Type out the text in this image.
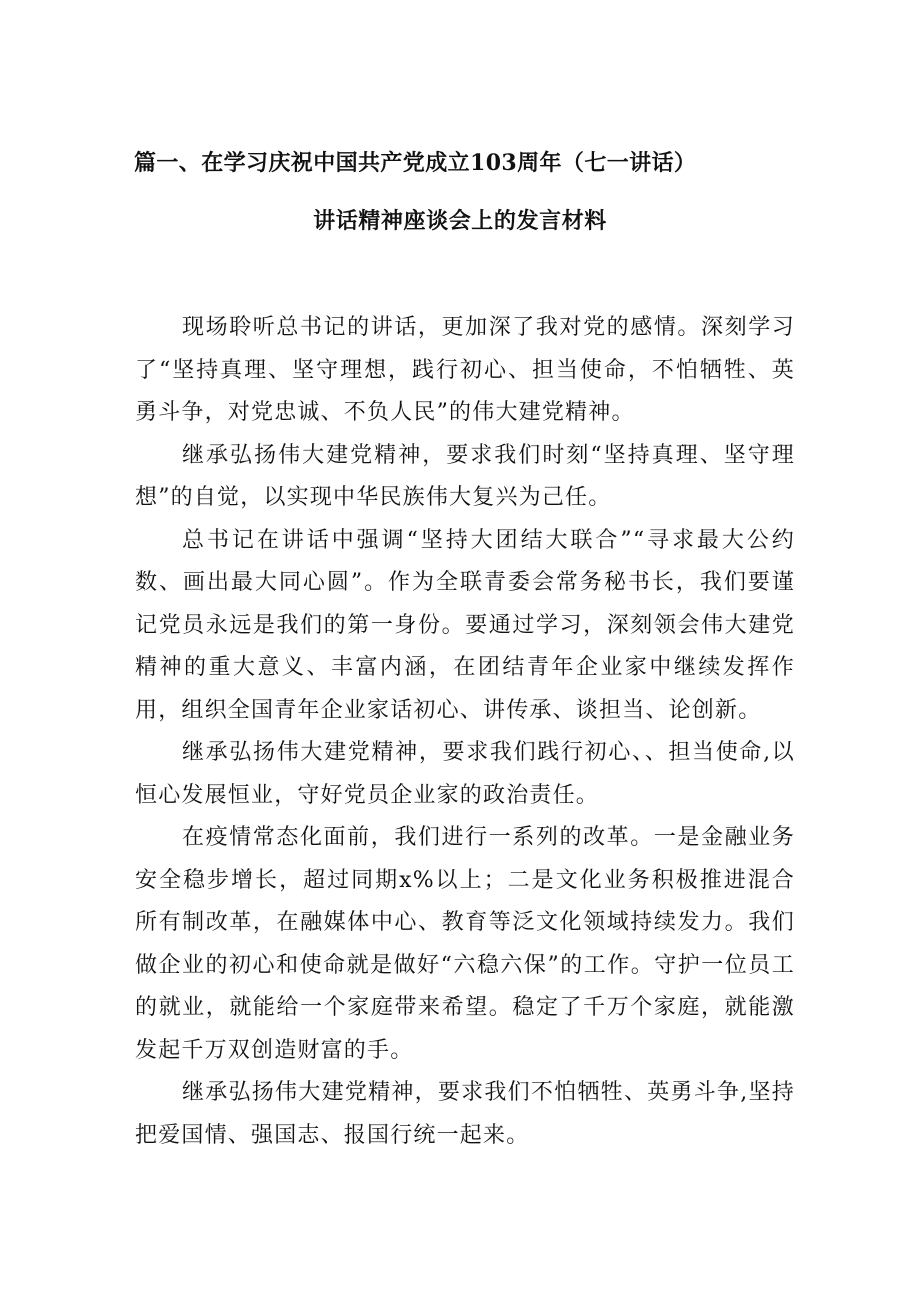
篇一、在学习庆祝中国共产党成立103周年（七一讲话）
讲话精神座谈会上的发言材料

现场聆听总书记的讲话，更加深了我对党的感情。深刻学习了“坚持真理、坚守理想，践行初心、担当使命，不怕牺牲、英勇斗争，对党忠诚、不负人民”的伟大建党精神。

继承弘扬伟大建党精神，要求我们时刻“坚持真理、坚守理想”的自觉，以实现中华民族伟大复兴为己任。

总书记在讲话中强调“坚持大团结大联合”“寻求最大公约数、画出最大同心圆”。作为全联青委会常务秘书长，我们要谨记党员永远是我们的第一身份。要通过学习，深刻领会伟大建党精神的重大意义、丰富内涵，在团结青年企业家中继续发挥作用，组织全国青年企业家话初心、讲传承、谈担当、论创新。

继承弘扬伟大建党精神，要求我们践行初心、、担当使命,以恒心发展恒业，守好党员企业家的政治责任。

在疫情常态化面前，我们进行一系列的改革。一是金融业务安全稳步增长，超过同期x%以上；二是文化业务积极推进混合所有制改革，在融媒体中心、教育等泛文化领域持续发力。我们做企业的初心和使命就是做好“六稳六保”的工作。守护一位员工的就业，就能给一个家庭带来希望。稳定了千万个家庭，就能激发起千万双创造财富的手。

继承弘扬伟大建党精神，要求我们不怕牺牲、英勇斗争,坚持把爱国情、强国志、报国行统一起来。
